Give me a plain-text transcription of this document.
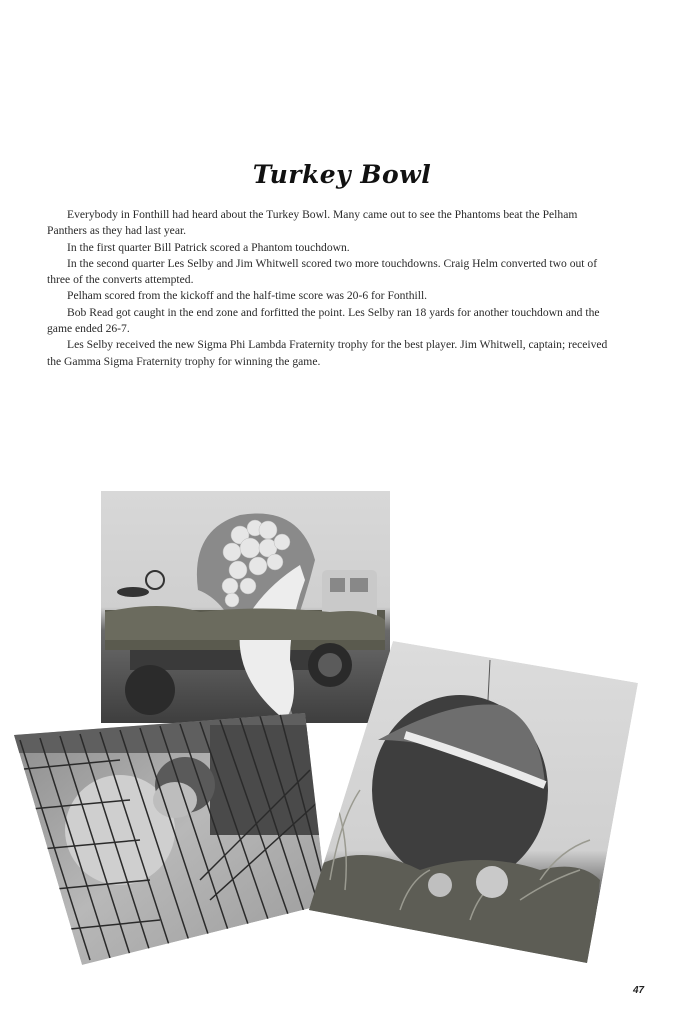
Turkey Bowl

Everybody in Fonthill had heard about the Turkey Bowl. Many came out to see the Phantoms beat the Pelham Panthers as they had last year.

In the first quarter Bill Patrick scored a Phantom touchdown.

In the second quarter Les Selby and Jim Whitwell scored two more touchdowns. Craig Helm converted two out of three of the converts attempted.

Pelham scored from the kickoff and the half-time score was 20-6 for Fonthill.

Bob Read got caught in the end zone and forfitted the point. Les Selby ran 18 yards for another touchdown and the game ended 26-7.

Les Selby received the new Sigma Phi Lambda Fraternity trophy for the best player. Jim Whitwell, captain; received the Gamma Sigma Fraternity trophy for winning the game.

47
